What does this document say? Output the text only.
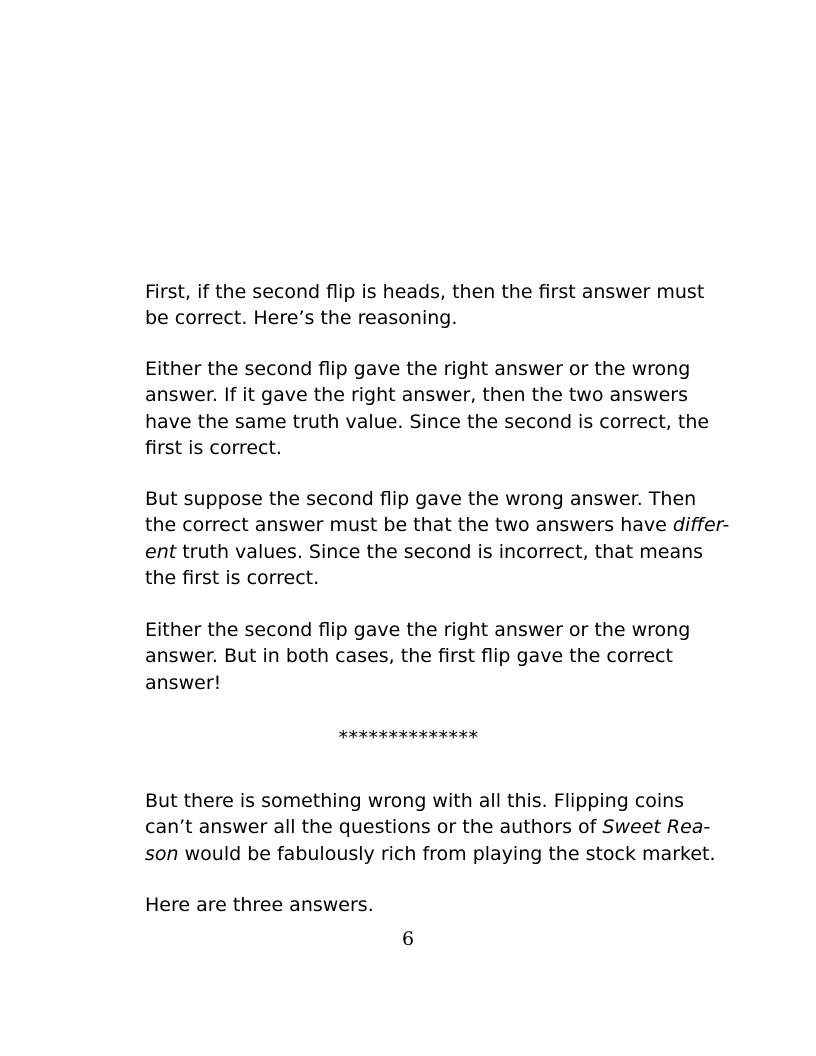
First, if the second flip is heads, then the first answer must
be correct. Here’s the reasoning.

Either the second flip gave the right answer or the wrong
answer. If it gave the right answer, then the two answers
have the same truth value. Since the second is correct, the
first is correct.

But suppose the second flip gave the wrong answer. Then
the correct answer must be that the two answers have differ-
ent truth values. Since the second is incorrect, that means
the first is correct.

Either the second flip gave the right answer or the wrong
answer. But in both cases, the first flip gave the correct
answer!

**************

But there is something wrong with all this. Flipping coins
can’t answer all the questions or the authors of Sweet Rea-
son would be fabulously rich from playing the stock market.

Here are three answers.

6
